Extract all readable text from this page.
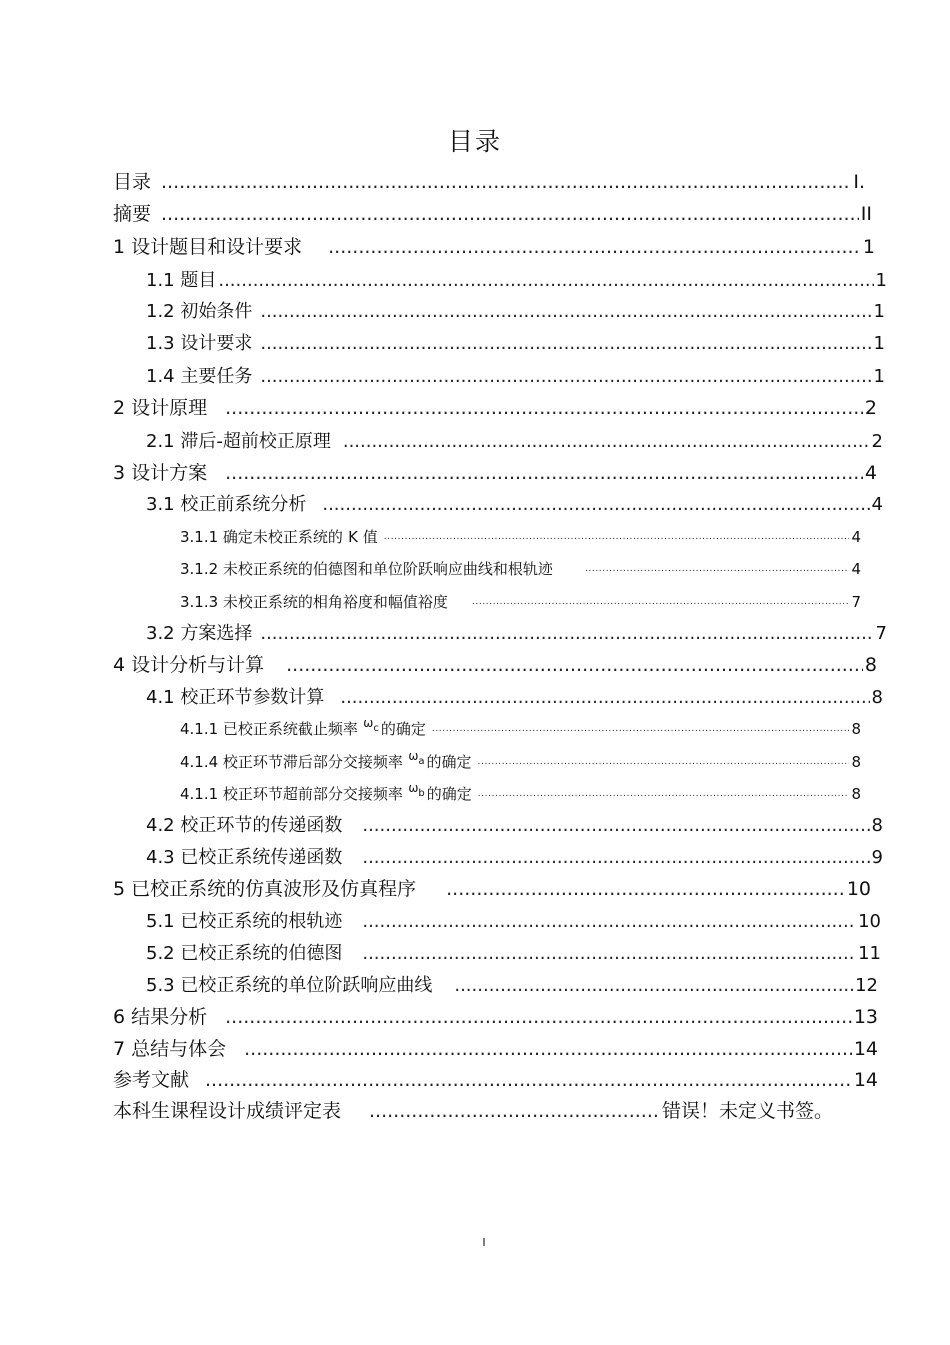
目录
目录 .....	I.
摘要 .....	II
1 设计题目和设计要求 .....	1
1.1 题目 .....	1
1.2 初始条件 .....	1
1.3 设计要求 .....	1
1.4 主要任务 .....	1
2 设计原理 .....	2
2.1 滞后-超前校正原理 .....	2
3 设计方案 .....	4
3.1 校正前系统分析 .....	4
3.1.1 确定未校正系统的 K 值 .....	4
3.1.2 未校正系统的伯德图和单位阶跃响应曲线和根轨迹 .....	4
3.1.3 未校正系统的相角裕度和幅值裕度 .....	7
3.2 方案选择 .....	7
4 设计分析与计算 .....	8
4.1 校正环节参数计算 .....	8
4.1.1 已校正系统截止频率 $\omega_c$ 的确定 .....	8
4.1.4 校正环节滞后部分交接频率 $\omega_a$ 的确定 .....	8
4.1.1 校正环节超前部分交接频率 $\omega_b$ 的确定 .....	8
4.2 校正环节的传递函数 .....	8
4.3 已校正系统传递函数 .....	9
5 已校正系统的仿真波形及仿真程序 .....	10
5.1 已校正系统的根轨迹 .....	10
5.2 已校正系统的伯德图 .....	11
5.3 已校正系统的单位阶跃响应曲线 .....	12
6 结果分析 .....	13
7 总结与体会 .....	14
参考文献 .....	14
本科生课程设计成绩评定表 .....	错误！未定义书签。
I
